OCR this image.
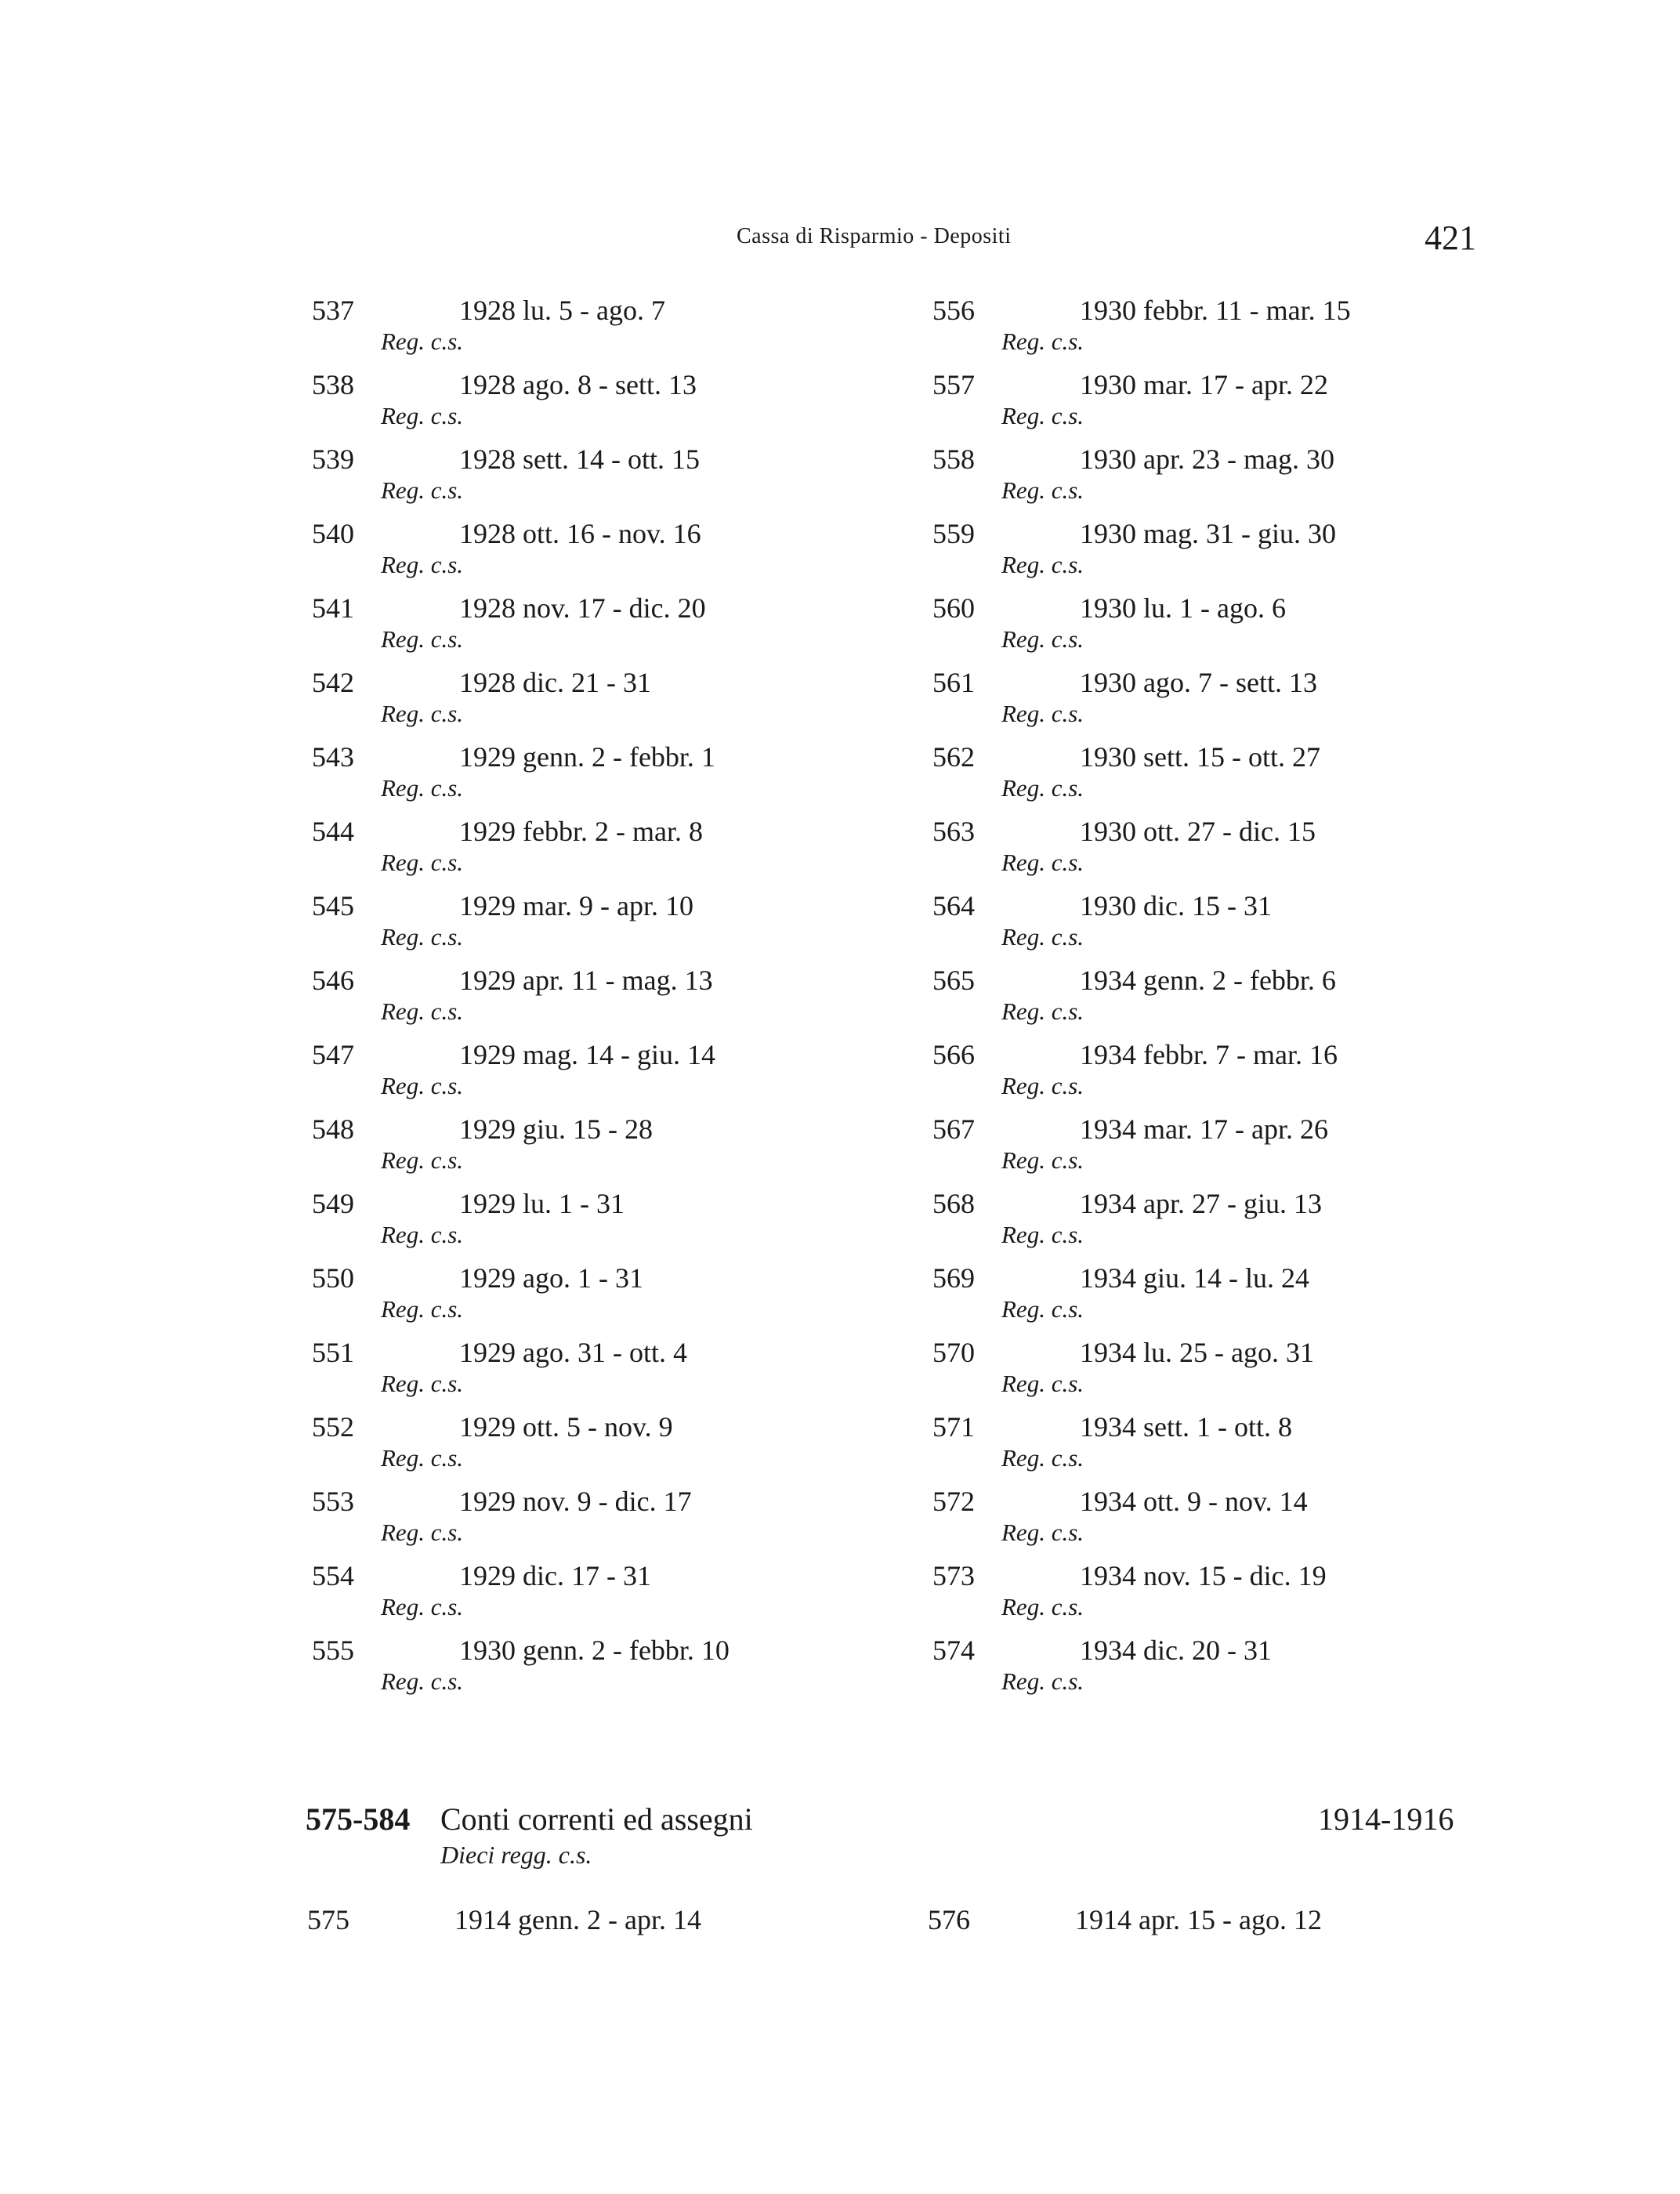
Cassa di Risparmio - Depositi	421
537	1928 lu. 5 - ago. 7
Reg. c.s.
538	1928 ago. 8 - sett. 13
Reg. c.s.
539	1928 sett. 14 - ott. 15
Reg. c.s.
540	1928 ott. 16 - nov. 16
Reg. c.s.
541	1928 nov. 17 - dic. 20
Reg. c.s.
542	1928 dic. 21 - 31
Reg. c.s.
543	1929 genn. 2 - febbr. 1
Reg. c.s.
544	1929 febbr. 2 - mar. 8
Reg. c.s.
545	1929 mar. 9 - apr. 10
Reg. c.s.
546	1929 apr. 11 - mag. 13
Reg. c.s.
547	1929 mag. 14 - giu. 14
Reg. c.s.
548	1929 giu. 15 - 28
Reg. c.s.
549	1929 lu. 1 - 31
Reg. c.s.
550	1929 ago. 1 - 31
Reg. c.s.
551	1929 ago. 31 - ott. 4
Reg. c.s.
552	1929 ott. 5 - nov. 9
Reg. c.s.
553	1929 nov. 9 - dic. 17
Reg. c.s.
554	1929 dic. 17 - 31
Reg. c.s.
555	1930 genn. 2 - febbr. 10
Reg. c.s.
556	1930 febbr. 11 - mar. 15
Reg. c.s.
557	1930 mar. 17 - apr. 22
Reg. c.s.
558	1930 apr. 23 - mag. 30
Reg. c.s.
559	1930 mag. 31 - giu. 30
Reg. c.s.
560	1930 lu. 1 - ago. 6
Reg. c.s.
561	1930 ago. 7 - sett. 13
Reg. c.s.
562	1930 sett. 15 - ott. 27
Reg. c.s.
563	1930 ott. 27 - dic. 15
Reg. c.s.
564	1930 dic. 15 - 31
Reg. c.s.
565	1934 genn. 2 - febbr. 6
Reg. c.s.
566	1934 febbr. 7 - mar. 16
Reg. c.s.
567	1934 mar. 17 - apr. 26
Reg. c.s.
568	1934 apr. 27 - giu. 13
Reg. c.s.
569	1934 giu. 14 - lu. 24
Reg. c.s.
570	1934 lu. 25 - ago. 31
Reg. c.s.
571	1934 sett. 1 - ott. 8
Reg. c.s.
572	1934 ott. 9 - nov. 14
Reg. c.s.
573	1934 nov. 15 - dic. 19
Reg. c.s.
574	1934 dic. 20 - 31
Reg. c.s.
575-584 Conti correnti ed assegni	1914-1916
Dieci regg. c.s.
575	1914 genn. 2 - apr. 14	576	1914 apr. 15 - ago. 12
